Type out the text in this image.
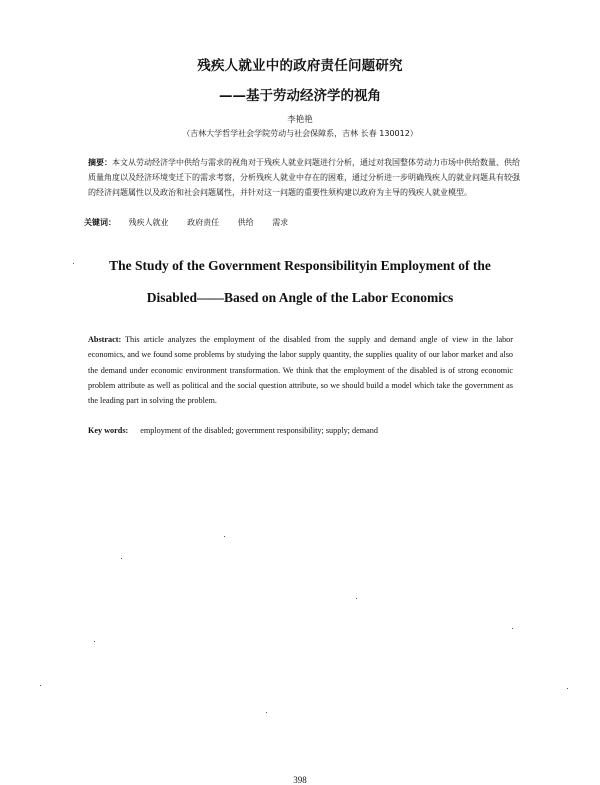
残疾人就业中的政府责任问题研究
——基于劳动经济学的视角
李艳艳
（吉林大学哲学社会学院劳动与社会保障系，吉林 长春 130012）
摘要：本文从劳动经济学中供给与需求的视角对于残疾人就业问题进行分析，通过对我国整体劳动力市场中供给数量、供给质量角度以及经济环境变迁下的需求考察，分析残疾人就业中存在的困难，通过分析进一步明确残疾人的就业问题具有较强的经济问题属性以及政治和社会问题属性，并针对这一问题的重要性须构建以政府为主导的残疾人就业模型。
关键词： 残疾人就业 政府责任 供给 需求
The Study of the Government Responsibilityin Employment of the
Disabled——Based on Angle of the Labor Economics
Abstract: This article analyzes the employment of the disabled from the supply and demand angle of view in the labor economics, and we found some problems by studying the labor supply quantity, the supplies quality of our labor market and also the demand under economic environment transformation. We think that the employment of the disabled is of strong economic problem attribute as well as political and the social question attribute, so we should build a model which take the government as the leading part in solving the problem.
Key words: employment of the disabled; government responsibility; supply; demand
398
